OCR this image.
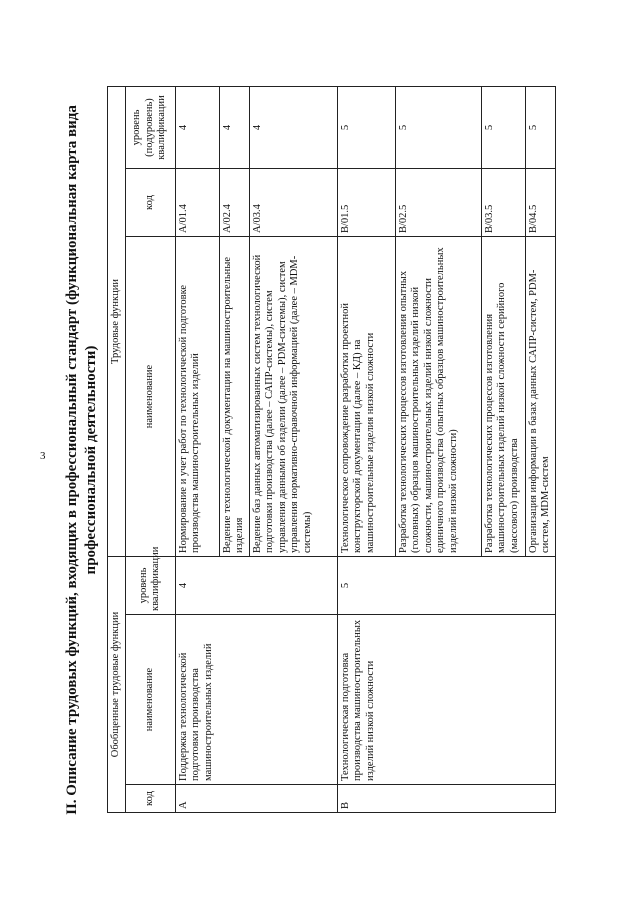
3 II. Описание трудовых функций, входящих в профессиональный стандарт (функциональная карта вида профессиональной деятельности)
Обобщенные трудовые функции			Трудовые функции		
код	наименование	уровень квалификации	наименование	код	уровень (подуровень) квалификации
A	Поддержка технологической подготовки производства машиностроительных изделий	4	Нормирование и учет работ по технологической подготовке производства машиностроительных изделий	A/01.4	4
			Ведение технологической документации на машиностроительные изделия	A/02.4	4
			Ведение баз данных автоматизированных систем технологической подготовки производства (далее – САПР-системы), систем управления данными об изделии (далее – PDM-системы), систем управления нормативно-справочной информацией (далее – MDM-системы)	A/03.4	4
B	Технологическая подготовка производства машиностроительных изделий низкой сложности	5	Технологическое сопровождение разработки проектной конструкторской документации (далее – КД) на машиностроительные изделия низкой сложности	B/01.5	5
			Разработка технологических процессов изготовления опытных (головных) образцов машиностроительных изделий низкой сложности, машиностроительных изделий низкой сложности единичного производства (опытных образцов машиностроительных изделий низкой сложности)	B/02.5	5
			Разработка технологических процессов изготовления машиностроительных изделий низкой сложности серийного (массового) производства	B/03.5	5
			Организация информации в базах данных САПР-систем, PDM-систем, MDM-систем	B/04.5	5
